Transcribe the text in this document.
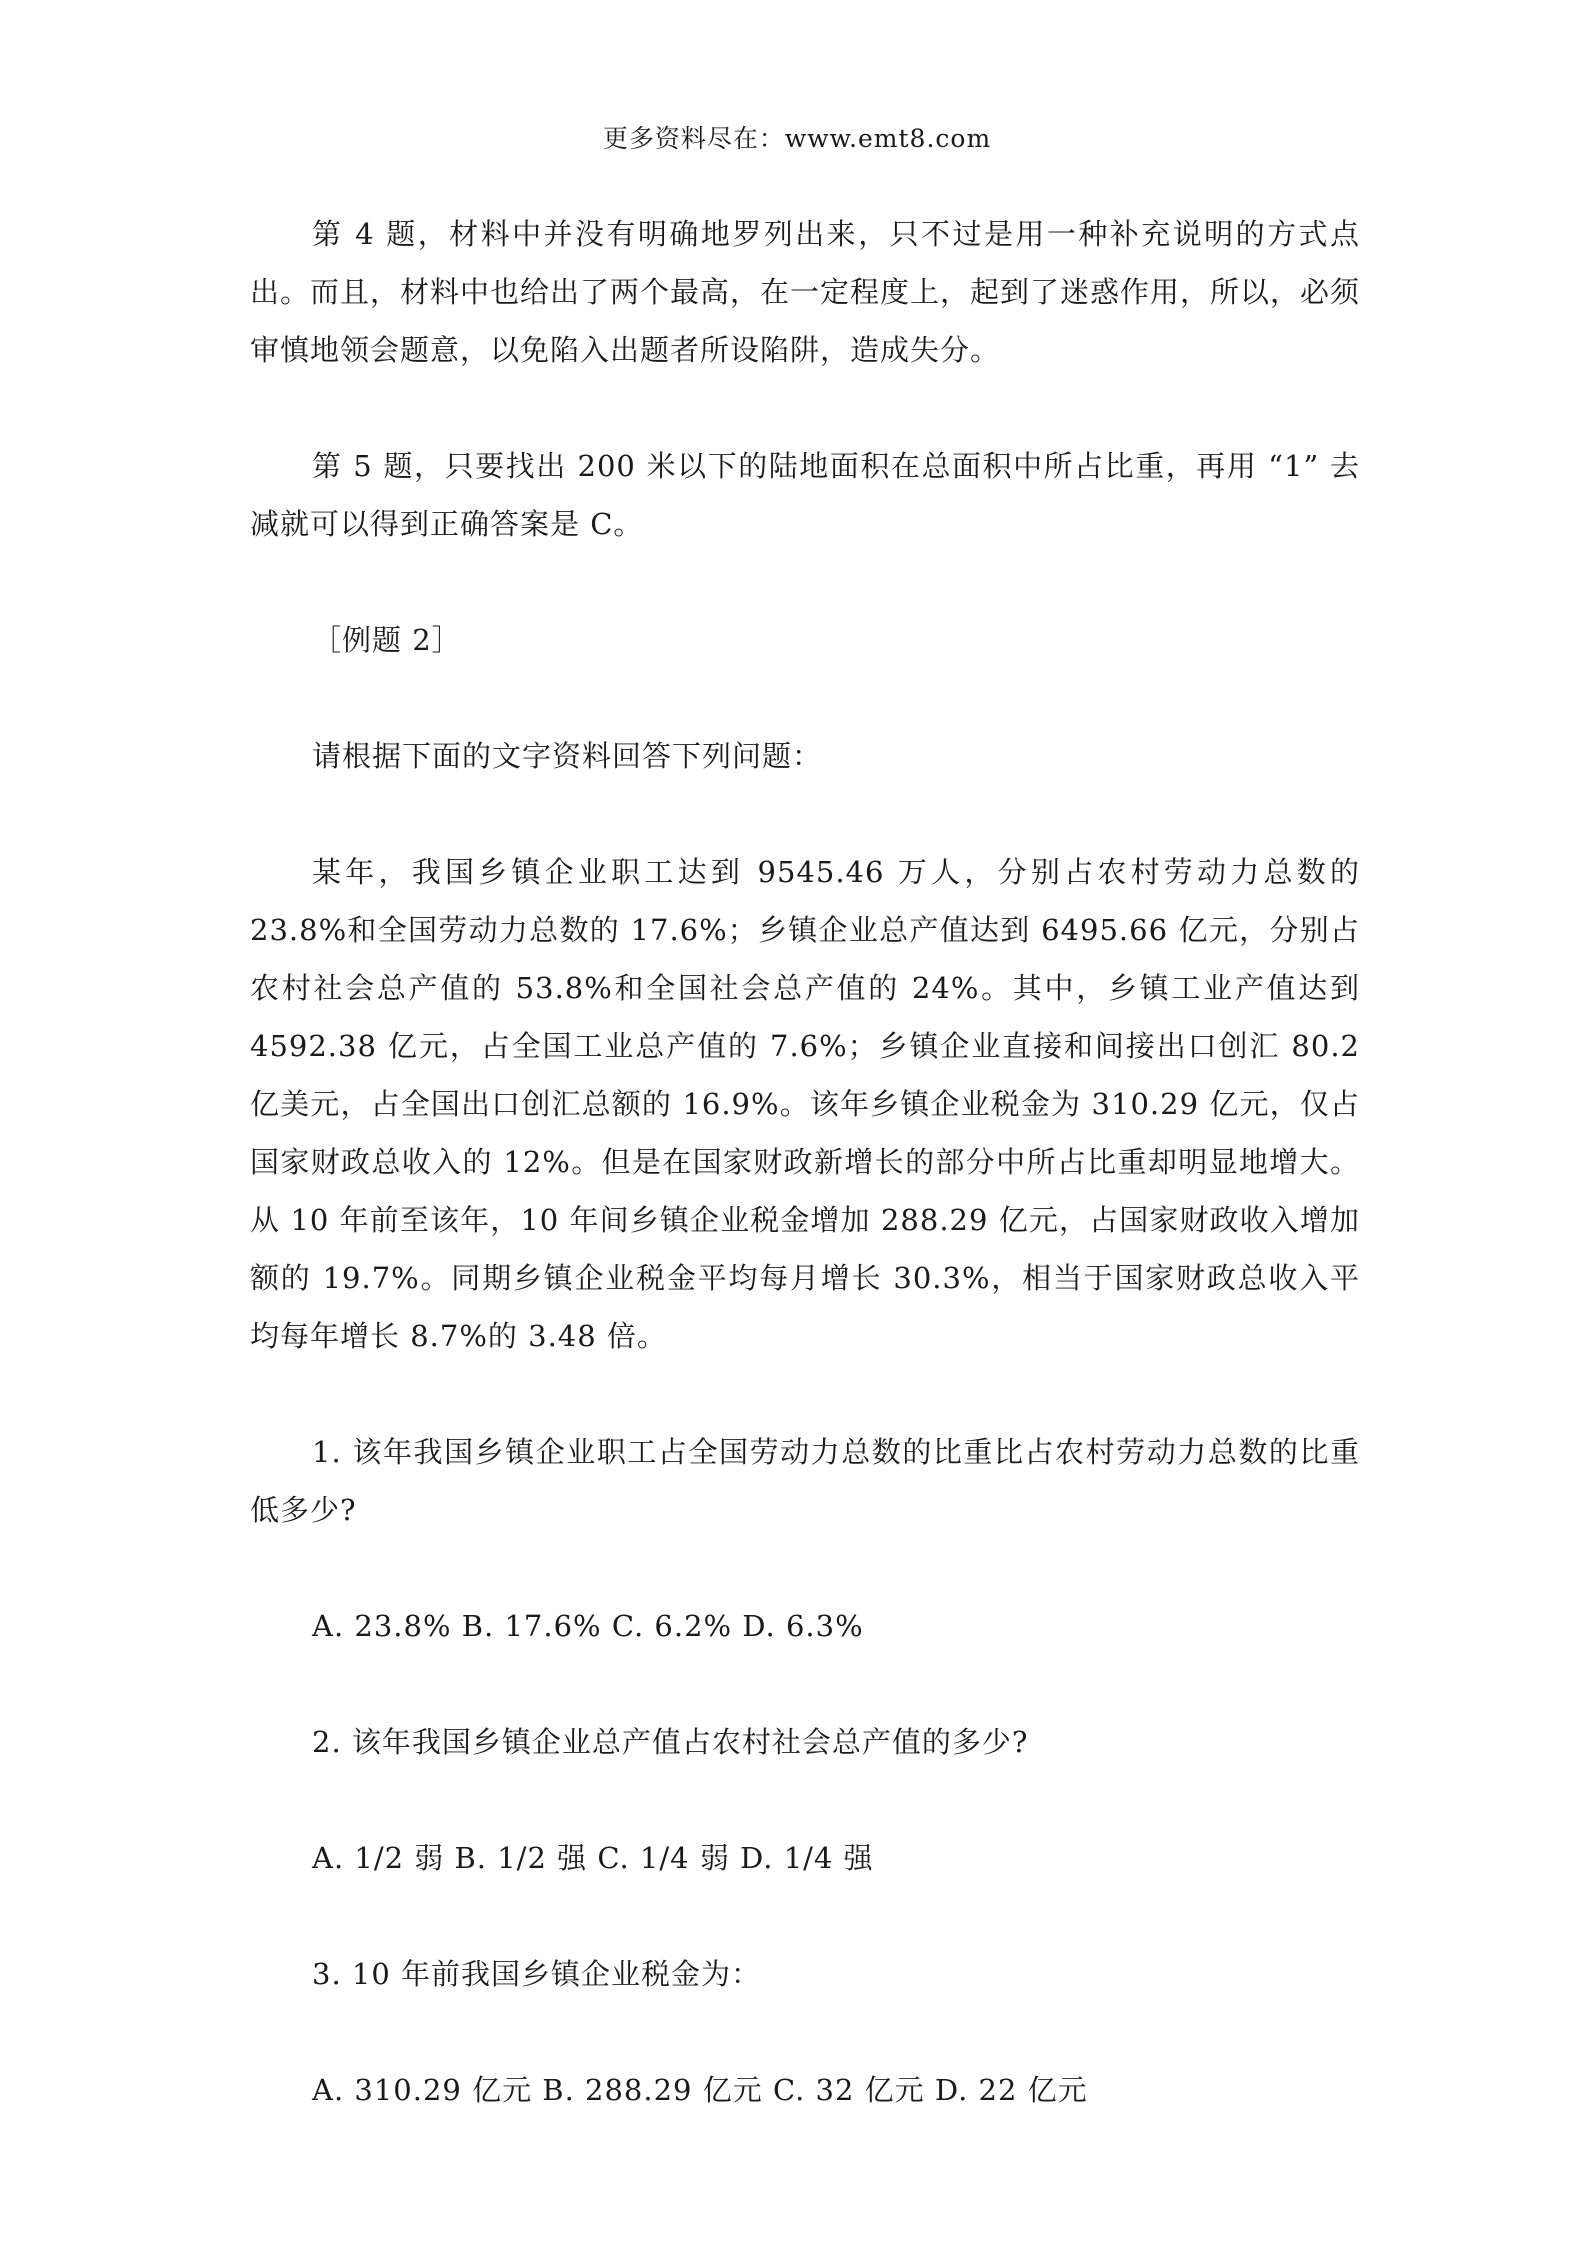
更多资料尽在：www.emt8.com

第 4 题，材料中并没有明确地罗列出来，只不过是用一种补充说明的方式点出。而且，材料中也给出了两个最高，在一定程度上，起到了迷惑作用，所以，必须审慎地领会题意，以免陷入出题者所设陷阱，造成失分。

第 5 题，只要找出 200 米以下的陆地面积在总面积中所占比重，再用 “1” 去减就可以得到正确答案是 C。

［例题 2］

请根据下面的文字资料回答下列问题：

某年，我国乡镇企业职工达到 9545.46 万人，分别占农村劳动力总数的 23.8%和全国劳动力总数的 17.6%；乡镇企业总产值达到 6495.66 亿元，分别占农村社会总产值的 53.8%和全国社会总产值的 24%。其中，乡镇工业产值达到 4592.38 亿元，占全国工业总产值的 7.6%；乡镇企业直接和间接出口创汇 80.2 亿美元，占全国出口创汇总额的 16.9%。该年乡镇企业税金为 310.29 亿元，仅占国家财政总收入的 12%。但是在国家财政新增长的部分中所占比重却明显地增大。从 10 年前至该年，10 年间乡镇企业税金增加 288.29 亿元，占国家财政收入增加额的 19.7%。同期乡镇企业税金平均每月增长 30.3%，相当于国家财政总收入平均每年增长 8.7%的 3.48 倍。

1. 该年我国乡镇企业职工占全国劳动力总数的比重比占农村劳动力总数的比重低多少?

A. 23.8% B. 17.6% C. 6.2% D. 6.3%

2. 该年我国乡镇企业总产值占农村社会总产值的多少?

A. 1/2 弱 B. 1/2 强 C. 1/4 弱 D. 1/4 强

3. 10 年前我国乡镇企业税金为：

A. 310.29 亿元 B. 288.29 亿元 C. 32 亿元 D. 22 亿元
